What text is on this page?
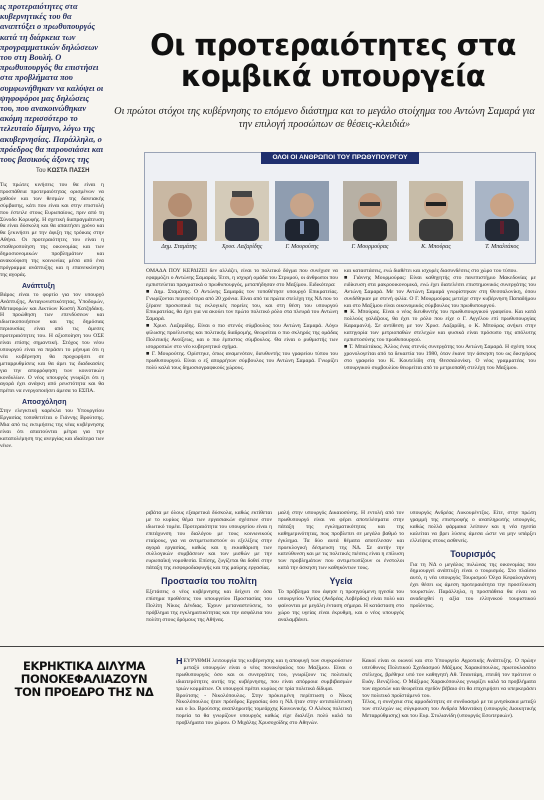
ις προτεραιότητες στα κυβερνητικές του θα αναπτύξει ο πρωθυπουργός κατά τη διάρκεια των προγραμματικών δηλώσεων του στη Βουλή. Ο πρωθυπουργός θα επιστήσει στα προβλήματα που συμφωνήθηκαν να καλύψει οι ψηφοφόροι μας δηλώσεις του, που ανακοινώθηκαν ακόμη περισσότερο το τελευταίο δίμηνο, λόγω της ακυβερνησίας. Παράλληλα, ο πρόεδρος θα παρουσιάσει και τους βασικούς άξονες της
Του ΚΩΣΤΑ ΠΑΣΣΗ

Τις πρώτες κινήσεις του θα είναι η προσπάθεια προτεραιότητας ορισμένων να χαθούν και των θεσμών της δανειακής σύμβασης, κάτι που είναι και στην επιστολή που έστειλε στους Ευρωπαίους, πριν από τη Σύνοδο Κορυφής. Η σχετική διαπραγμάτευση θα είναι δύσκολη και θα απαιτήσει χρόνο και θα ξεκινήσει με την άφιξη της τρόικας στην Αθήνα. Οι προτεραιότητες του είναι η σταθεροποίηση της οικονομίας και των δημοσιονομικών προβλημάτων και ανακούφιση της κοινωνίας μέσα από ένα πρόγραμμα ανάπτυξης και η επανεκκίνηση της αγοράς.

Ανάπτυξη

Βάρος είναι το φορτίο για τον υπουργό Ανάπτυξης, Ανταγωνιστικότητας, Υποδομών, Μεταφορών και Δικτύων Κωστή Χατζηδάκη. Η προώθηση των επενδύσεων και ιδιωτικοποιήσεων και της δημόσιας περιουσίας είναι από τις άμεσες προτεραιότητες του. Η αξιοποίηση του ΟΣΕ είναι επίσης σημαντική. Στόχος του νέου υπουργού είναι να περάσει το μήνυμα ότι η νέα κυβέρνηση θα προχωρήσει σε μεταρρυθμίσεις και θα άρει τις διαδικασίες για την απορρόφηση των κοινοτικών κονδυλίων. Ο νέος υπουργός γνωρίζει ότι η αγορά έχει ανάγκη από ρευστότητα και θα πρέπει να ενεργοποιήσει άμεσα το ΕΣΠΑ.

Αποσχόληση

Στην ελεγκτική καρέκλα του Υπουργείου Εργασίας τοποθετείται ο Γιάννης Βρούτσης. Μια από τις εκτιμήσεις της νέας κυβέρνησης είναι ότι απαιτούνται μέτρα για την καταπολέμηση της ανεργίας και ιδιαίτερα των νέων.

Οι προτεραιότητες στα κομβικά υπουργεία
Οι πρώτοι στόχοι της κυβέρνησης το επόμενο διάστημα και το μεγάλο στοίχημα του Αντώνη Σαμαρά για την επιλογή προσώπων σε θέσεις-κλειδιά»
ΟΛΟΙ ΟΙ ΑΝΘΡΩΠΟΙ ΤΟΥ ΠΡΩΘΥΠΟΥΡΓΟΥ
Δημ. Σταμάτης	Χρυσ. Λαζαρίδης	Γ. Μουρούτης	Γ. Μουρμούρας	Κ. Μπούρας	Τ. Μπαλτάκος
ΟΜΑΔΑ ΠΟΥ ΚΕΡΔΙΖΕΙ δεν αλλάζει, είναι το πολιτικό δόγμα που συνέχισε να εφαρμόζει ο Αντώνης Σαμαράς. Έτσι, η ισχυρή ομάδα του Στρυμού, οι άνθρωποι που εμπιστεύεται πραγματικά ο πρωθυπουργός, μεταπήδησαν στο Μαξίμου. Ειδικότερα:
■ Δημ. Σταμάτης. Ο Αντώνης Σαμαράς τον τοποθέτησε υπουργό Επικρατείας. Γνωρίζονται περισσότερα από 20 χρόνια. Είναι από τα πρώτα στελέχη της ΝΔ που το ξέρανε προσωπικά τις εκλογικές πορείες του, και στη θέση του υπουργού Επικρατείας, θα έχει για να ακούει τον πρώτο πολιτικό ρόλο στα πλευρά του Αντώνη Σαμαρά.
■ Χρυσ. Λαζαρίδης. Είναι ο πιο στενός σύμβουλος του Αντώνη Σαμαρά. Λόγω φίλωσης προέλευσης και πολιτικής διαδρομής, θεωρείται ο πιο σκληρός της ομάδας Πολιτικής Ανοίξεως, και ο πιο έμπιστος σύμβουλος. Θα είναι ο ρυθμιστής των ισορροπιών στο νέο κυβερνητικό σχήμα.
■ Γ. Μουρούτης. Ορίστηκε, όπως αναμενόταν, διευθυντής του γραφείου τύπου του πρωθυπουργού. Είναι ο εξ απορρήτων σύμβουλος του Αντώνη Σαμαρά. Γνωρίζει πολύ καλά τους δημοσιογραφικούς χώρους.
και καταστάσεις, ενώ διαθέτει και ισχυρές διασυνδέσεις στο χώρο του τύπου.
■ Γιάννης Μουρμούρας: Είναι καθηγητής στο πανεπιστήμιο Μακεδονίας με ειδίκευση στα μακροοικονομικά, ενώ έχει διατελέσει επιστημονικός συνεργάτης του Αντώνη Σαμαρά. Με τον Αντώνη Σαμαρά γνωρίστηκαν στη Θεσσαλονίκη, όπου συνδέθηκαν με στενή φιλία. Ο Γ. Μουρμούρας μετείχε στην κυβέρνηση Παπαδήμου και στο Μαξίμου είναι οικονομικός σύμβουλος του πρωθυπουργού.
■ Κ. Μπούρας. Είναι ο νέος διευθυντής του πρωθυπουργικού γραφείου. Και κατά πολλούς γαλάζιους, θα έχει το ρόλο που είχε ο Γ. Αγγέλου επί πρωθυπουργίας Καραμανλή. Σε αντίθεση με τον Χρυσ. Λαζαρίδη, ο Κ. Μπούρας ανήκει στην κατηγορία των μετριοπαθών στελεχών και φυσικά είναι πρόσωπο της απόλυτης εμπιστοσύνης του πρωθυπουργού.
■ Τ. Μπαλτάκος. Άλλος ένας στενός συνεργάτης του Αντώνη Σαμαρά. Η σχέση τους χρονολογείται από τα δεκαετία του 1980, όταν έκανε την άσκηση του ως δικηγόρος στο γραφείο του Κ. Κουτελίδη στη Θεσσαλονίκη. Ο νέος γραμματέας του υπουργικού συμβουλίου θεωρείται από το μετριοπαθή στελέχη του Μαξίμου.

ριβάτα με όλους εξαιρετικά δύσκολα, καθώς εκτίθεται με το κυρίως θέμα των εργασιακών σχέσεων στον ιδιωτικό τομέα. Προτεραιότητα του υπουργείου είναι η επιτάχυνση του διαλόγου με τους κοινωνικούς εταίρους, για να αντιμετωπιστούν οι εξελίξεις στην αγορά εργασίας, καθώς και η εκκαθάριση των συλλογικών συμβάσεων και των μισθών με την ευρωπαϊκή νομοθεσία. Επίσης, ζυγίζεται θα δοθεί στην πάταξη της εισφοροδιαφυγής και της μαύρης εργασίας.

Προστασία του πολίτη

Εξετάσεις ο νέος κυβέρνησης και δείχνει σε όσα επίσημα προθέσεις του υπουργείου Προστασίας του Πολίτη Νίκος Δένδιας. Έχουν μεταναστεύσεις, το πρόβλημα της εγκληματικότητας και την ασφάλεια του πολίτη στους δρόμους της Αθήνας.

μαλή στην υπουργός Δικαιοσύνης. Η εντολή από τον πρωθυπουργό είναι να φέρει αποτελέσματα στην πάταξη της εγκληματικότητας και της καθημερινότητας, πως προβλεπει σε μεγάλο βαθμό το έγκλημα. Τα δύο αυτά θέματα αποτέλεσαν και προεκλογική δέσμευση της ΝΔ. Σε αυτήν την κατεύθυνση και με τις πολιτικές πιέσεις είναι η επίλυση των προβλημάτων που αντιμετωπίζουν οι ένστολοι κατά την άσκηση των καθηκόντων τους.

Υγεία

Το πρόβλημα που άφησε η προηγούμενη ηγεσία του υπουργείου Υγείας (Ανδρέας Λοβέρδος) είναι πολύ και φαίνονται με μεγάλη ένταση σήμερα. Η κατάσταση στο χώρο της υγείας είναι έκρυθμη, και ο νέος υπουργός αναλαμβάνει.

υπουργός Ανδρέας Λυκουρέντζος. Είτε, στην πρώτη γραμμή της επιστροφής ο αναπληρωτής υπουργός, καθώς πολλά φάρμακα λείπουν και η νέα ηγεσία καλείται να βρει λύσεις άμεσα ώστε να μην υπάρξει ελλείψεις στους ασθενείς.

Τουρισμός

Για τη ΝΔ ο μεγάλος πυλώνας της οικονομίας που δημιουργεί ανάπτυξη είναι ο τουρισμός. Στο πλαίσιο αυτό, η νέα υπουργός Τουρισμού Όλγα Κεφαλογιάννη έχει θέσει ως άμεση προτεραιότητα την προσέλκυση τουριστών. Παράλληλα, η προσπάθεια θα είναι να αναδειχθεί η αξία του ελληνικού τουριστικού προϊόντος.

ΕΚΡΗΚΤΙΚΑ ΔΙΛΥΜΑ ΠΟΝΟΚΕΦΑΛΙΑΖΟΥΝ ΤΟΝ ΠΡΟΕΔΡΟ ΤΗΣ ΝΔ
ΗΕΥΡΥΘΜΗ λειτουργία της κυβέρνησης και η αποφυγή των συγκρούσεων μεταξύ υπουργών είναι ο νέος πονοκέφαλος του Μαξίμου. Είναι ο πρωθυπουργός όσο και οι συνεργάτες του, γνωρίζουν τις πολιτικές ιδιαιτερότητες αυτής της κυβέρνησης, που είναι απόρροια συμβιβασμών τριών κομμάτων. Οι υπουργοί πρέπει κυρίως σε τρία πολιτικά δίδυμα.
Βρούτσης - Νικολόπουλος. Στην πρόκειμένη περίπτωση ο Νίκος Νικολόπουλος ήταν πρόεδρος Εργασίας όσο η ΝΔ ήταν στην αντιπολίτευση και ο Ιω. Βρούτσης αναπληρωτής τομεάρχης Κοινωνικής. Ο Αλέκος πολιτική πορεία τα θα γνωρίζουν υπουργός καθώς είχε διαλέξει πολύ καλά τα προβλήματα του χώρου. Ο Μιχάλης Χρυσοχοΐδης στο Αθηνών.
Κακοί είναι οι οιωνοί και στο Υπουργείο Αγροτικής Ανάπτυξης. Ο πρώην υπεύθυνος Πολιτικού Σχεδιασμού Μάξιμος Χαρακόπουλος, πρωτοκλασάτο στέλεχος, βρέθηκε υπό τον καθηγητή Αθ. Τσαυτάρη, επειδή τον πρότεινε ο Ευάγ. Βενιζέλος. Ο Μάξιμος Χαρακόπουλος γνωρίζει καλά τα προβλήματα των αγροτών και θεωρείται σχεδόν βέβαιο ότι θα επιχειρήσει να υπερκεράσει τον πολιτικό προϊστάμενό του.
Τέλος, η συνέχεια στις αρμοδιότητες σε συνδυασμό με τα μνησίκακα μεταξύ των στελεχών ως σύγκρουση του Ανδρέα Μανιτάκη (υπουργός Διοικητικής Μεταρρύθμισης) και του Ευρ. Στυλιανίδη (υπουργός Εσωτερικών).
